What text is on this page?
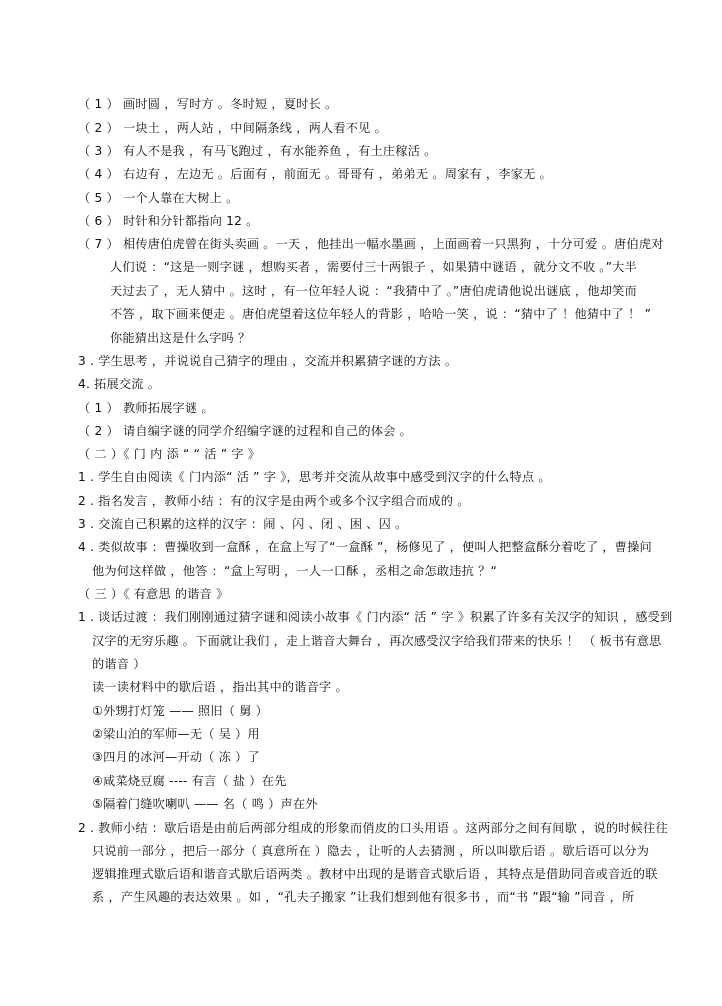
（ 1 ） 画时圆 ，写时方 。冬时短 ，夏时长 。
（ 2 ） 一块土 ，两人站 ，中间隔条线 ，两人看不见 。
（ 3 ） 有人不是我 ，有马飞跑过 ，有水能养鱼 ，有土庄稼活 。
（ 4 ） 右边有 ，左边无 。后面有 ，前面无 。哥哥有 ，弟弟无 。周家有 ，李家无 。
（ 5 ） 一个人靠在大树上 。
（ 6 ） 时针和分针都指向 12 。
（ 7 ） 相传唐伯虎曾在街头卖画 。一天 ，他挂出一幅水墨画 ，上面画着一只黑狗 ，十分可爱 。唐伯虎对
人们说 ：“这是一则字谜 ，想购买者 ，需要付三十两银子 ，如果猜中谜语 ，就分文不收 。”大半
天过去了 ，无人猜中 。这时 ，有一位年轻人说 ：“我猜中了 。”唐伯虎请他说出谜底 ，他却笑而
不答 ，取下画来便走 。唐伯虎望着这位年轻人的背影 ，哈哈一笑 ，说 ：“猜中了 ！他猜中了 ！ ”
你能猜出这是什么字吗 ？
3 . 学生思考 ，并说说自己猜字的理由 ，交流并积累猜字谜的方法 。
4. 拓展交流 。
（ 1 ） 教师拓展字谜 。
（ 2 ） 请自编字谜的同学介绍编字谜的过程和自己的体会 。
（ 二 ）《 门 内 添 “ “ 活 ” 字 》
1 . 学生自由阅读《 门内添“ 活 ” 字 》，思考并交流从故事中感受到汉字的什么特点 。
2 . 指名发言 ，教师小结 ：有的汉字是由两个或多个汉字组合而成的 。
3 . 交流自己积累的这样的汉字 ：闹 、闪 、闭 、困 、囚 。
4 . 类似故事 ：曹操收到一盒酥 ，在盒上写了“一盒酥 ”，杨修见了 ，便叫人把整盒酥分着吃了 ，曹操问
他为何这样做 ，他答 ：“盒上写明 ，一人一口酥 ，丞相之命怎敢违抗 ？“
（ 三 ）《 有意思 的谐音 》
1 . 谈话过渡 ：我们刚刚通过猜字谜和阅读小故事《 门内添“ 活 ” 字 》积累了许多有关汉字的知识 ，感受到
汉字的无穷乐趣 。下面就让我们 ，走上谐音大舞台 ，再次感受汉字给我们带来的快乐 ！ （ 板书有意思
的谐音 ）
读一读材料中的歇后语 ，指出其中的谐音字 。
①外甥打灯笼 —— 照旧（ 舅 ）
②梁山泊的军师—无（ 吴 ）用
③四月的冰河—开动（ 冻 ）了
④咸菜烧豆腐 ---- 有言（ 盐 ）在先
⑤隔着门缝吹喇叭 —— 名（ 鸣 ）声在外
2 . 教师小结 ：歇后语是由前后两部分组成的形象而俏皮的口头用语 。这两部分之间有间歇 ，说的时候往往
只说前一部分 ，把后一部分（ 真意所在 ）隐去 ，让听的人去猜测 ，所以叫歇后语 。歇后语可以分为
逻辑推理式歇后语和谐音式歇后语两类 。教材中出现的是谐音式歇后语 ，其特点是借助同音或音近的联
系 ，产生风趣的表达效果 。如 ，“孔夫子搬家 ”让我们想到他有很多书 ，而“书 ”跟“输 ”同音 ，所
